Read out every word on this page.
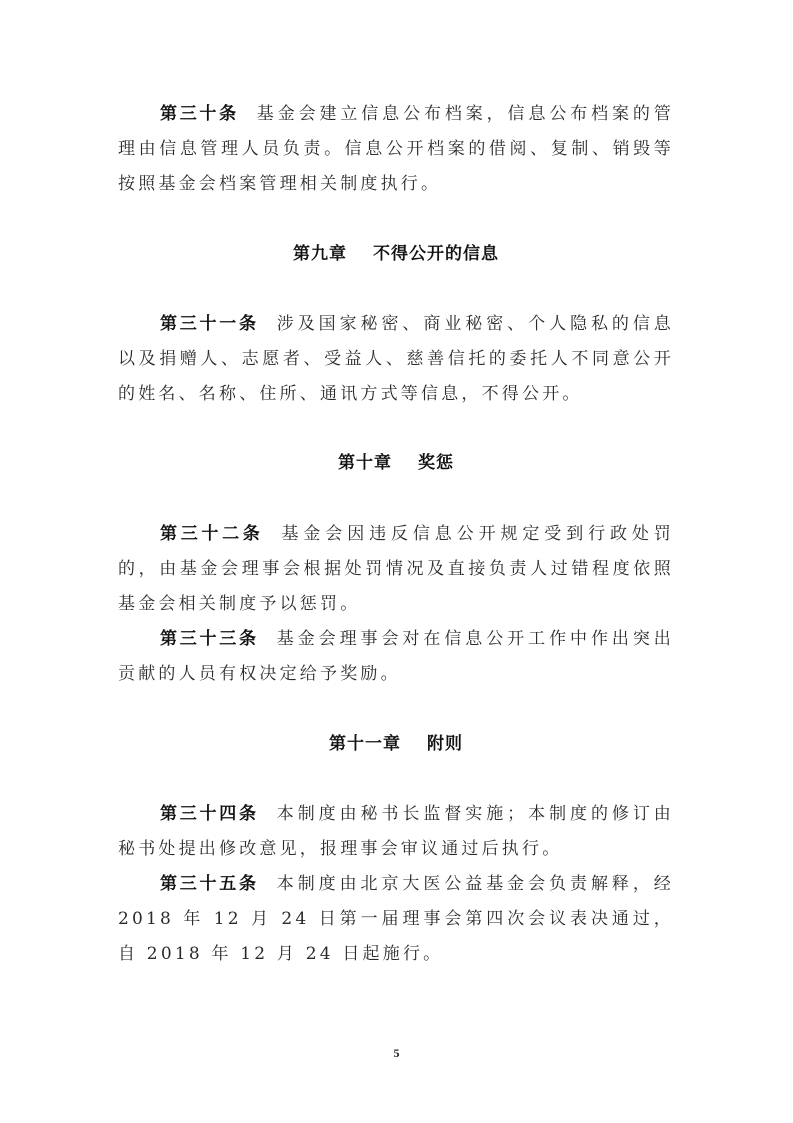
第三十条 基金会建立信息公布档案，信息公布档案的管理由信息管理人员负责。信息公开档案的借阅、复制、销毁等按照基金会档案管理相关制度执行。

第九章 不得公开的信息

第三十一条 涉及国家秘密、商业秘密、个人隐私的信息以及捐赠人、志愿者、受益人、慈善信托的委托人不同意公开的姓名、名称、住所、通讯方式等信息，不得公开。

第十章 奖惩

第三十二条 基金会因违反信息公开规定受到行政处罚的，由基金会理事会根据处罚情况及直接负责人过错程度依照基金会相关制度予以惩罚。

第三十三条 基金会理事会对在信息公开工作中作出突出贡献的人员有权决定给予奖励。

第十一章 附则

第三十四条 本制度由秘书长监督实施；本制度的修订由秘书处提出修改意见，报理事会审议通过后执行。

第三十五条 本制度由北京大医公益基金会负责解释，经 2018 年 12 月 24 日第一届理事会第四次会议表决通过，自 2018 年 12 月 24 日起施行。

5
